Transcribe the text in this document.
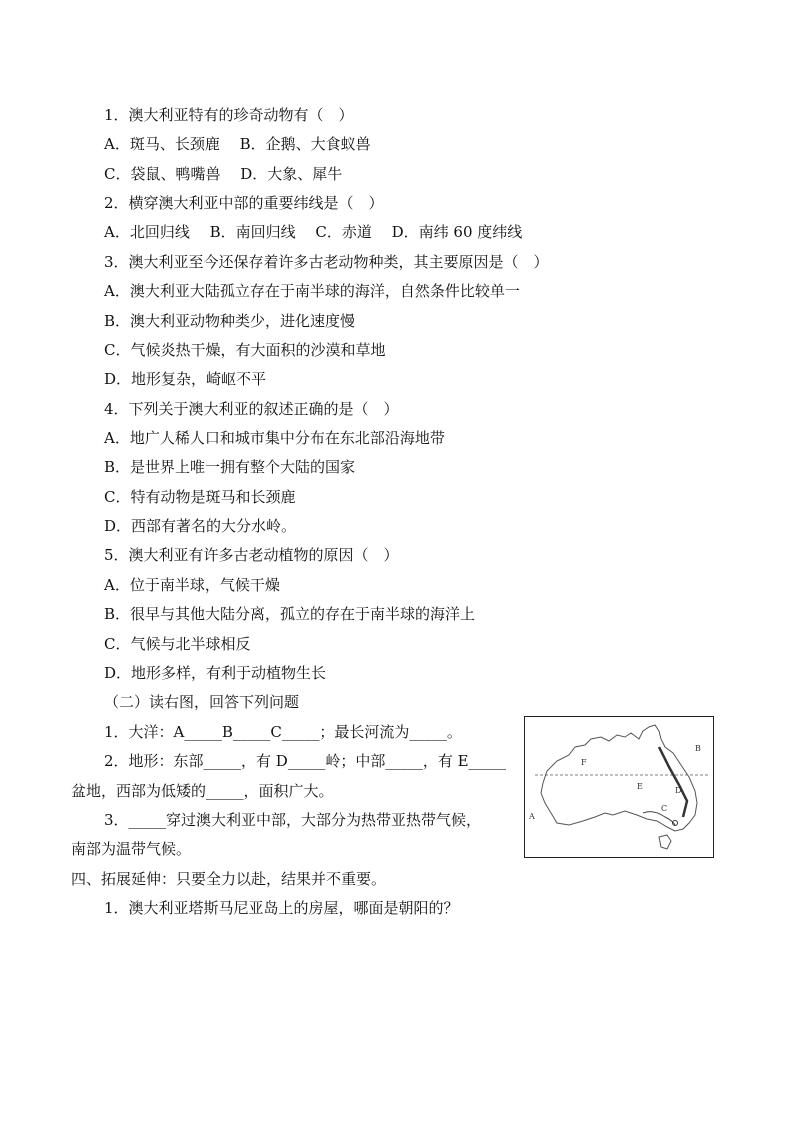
1．澳大利亚特有的珍奇动物有（　）
A．斑马、长颈鹿　 B．企鹅、大食蚁兽
C．袋鼠、鸭嘴兽　 D．大象、犀牛
2．横穿澳大利亚中部的重要纬线是（　）
A．北回归线　 B．南回归线　 C．赤道　 D．南纬 60 度纬线
3．澳大利亚至今还保存着许多古老动物种类，其主要原因是（　）
A．澳大利亚大陆孤立存在于南半球的海洋，自然条件比较单一
B．澳大利亚动物种类少，进化速度慢
C．气候炎热干燥，有大面积的沙漠和草地
D．地形复杂，崎岖不平
4．下列关于澳大利亚的叙述正确的是（　）
A．地广人稀人口和城市集中分布在东北部沿海地带
B．是世界上唯一拥有整个大陆的国家
C．特有动物是斑马和长颈鹿
D．西部有著名的大分水岭。
5．澳大利亚有许多古老动植物的原因（　）
A．位于南半球，气候干燥
B．很早与其他大陆分离，孤立的存在于南半球的海洋上
C．气候与北半球相反
D．地形多样，有利于动植物生长
（二）读右图，回答下列问题
1．大洋：A_____B_____C_____；最长河流为_____。
2．地形：东部_____，有 D_____岭；中部_____，有 E_____
盆地，西部为低矮的_____，面积广大。
3．_____穿过澳大利亚中部，大部分为热带亚热带气候，
南部为温带气候。
四、拓展延伸：只要全力以赴，结果并不重要。
1．澳大利亚塔斯马尼亚岛上的房屋，哪面是朝阳的？
A
B
C
D
E
F
